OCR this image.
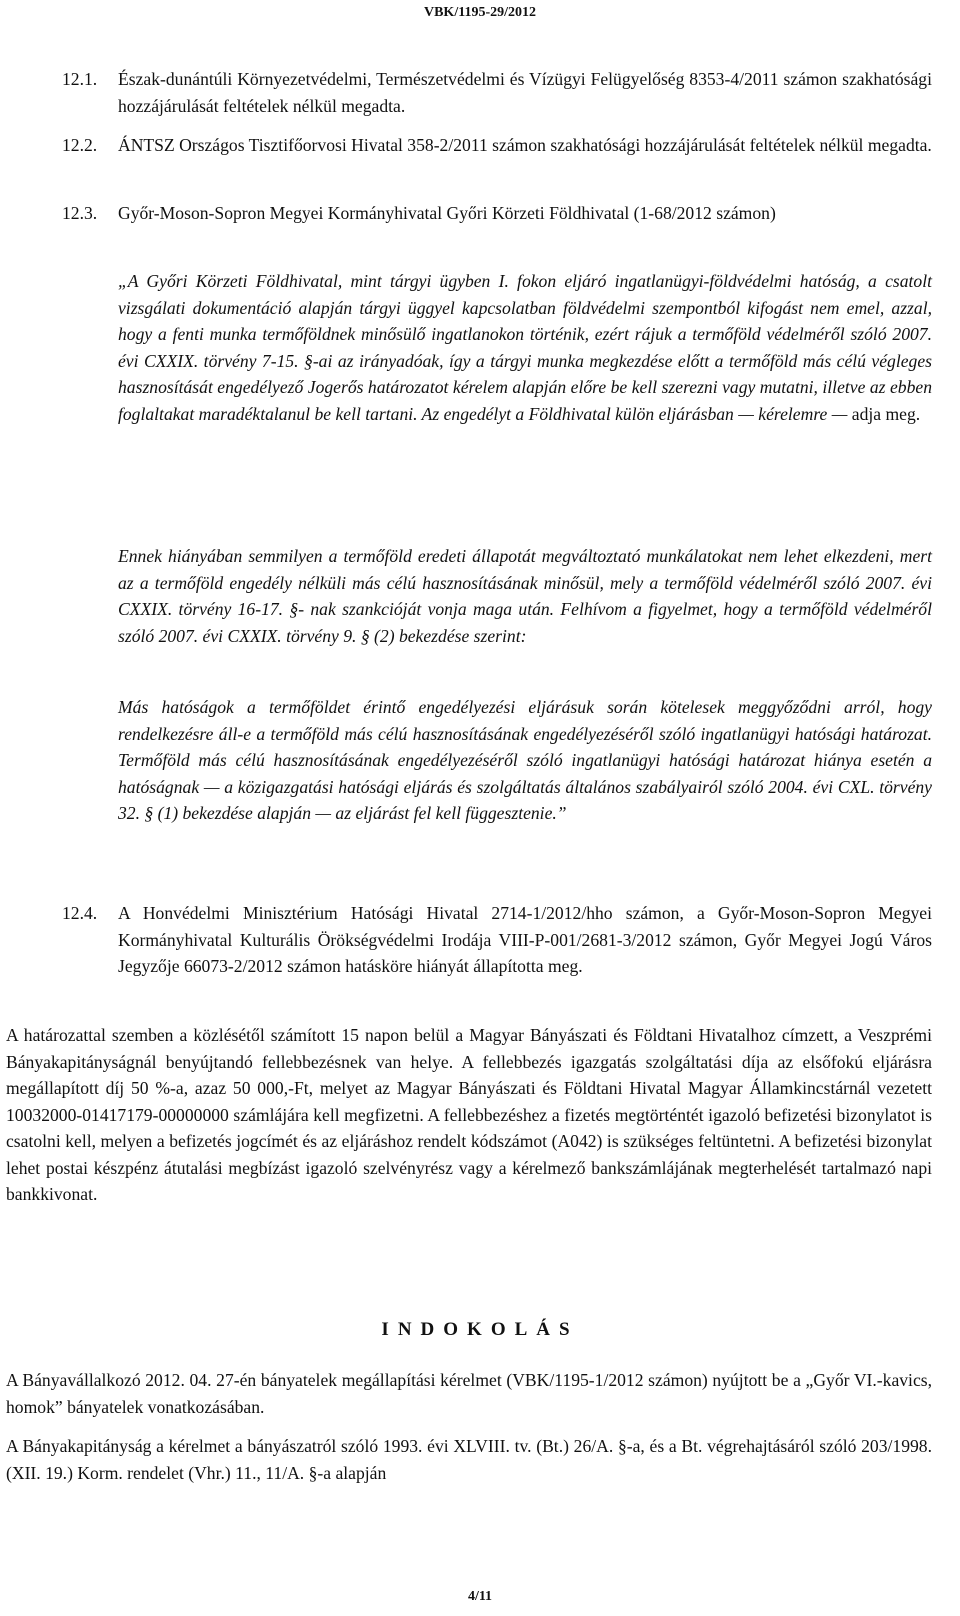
VBK/1195-29/2012
12.1. Észak-dunántúli Környezetvédelmi, Természetvédelmi és Vízügyi Felügyelőség 8353-4/2011 számon szakhatósági hozzájárulását feltételek nélkül megadta.
12.2. ÁNTSZ Országos Tisztifőorvosi Hivatal 358-2/2011 számon szakhatósági hozzájárulását feltételek nélkül megadta.
12.3. Győr-Moson-Sopron Megyei Kormányhivatal Győri Körzeti Földhivatal (1-68/2012 számon)
„A Győri Körzeti Földhivatal, mint tárgyi ügyben I. fokon eljáró ingatlanügyi-földvédelmi hatóság, a csatolt vizsgálati dokumentáció alapján tárgyi üggyel kapcsolatban földvédelmi szempontból kifogást nem emel, azzal, hogy a fenti munka termőföldnek minősülő ingatlanokon történik, ezért rájuk a termőföld védelméről szóló 2007. évi CXXIX. törvény 7-15. §-ai az irányadóak, így a tárgyi munka megkezdése előtt a termőföld más célú végleges hasznosítását engedélyező Jogerős határozatot kérelem alapján előre be kell szerezni vagy mutatni, illetve az ebben foglaltakat maradéktalanul be kell tartani. Az engedélyt a Földhivatal külön eljárásban — kérelemre — adja meg.
Ennek hiányában semmilyen a termőföld eredeti állapotát megváltoztató munkálatokat nem lehet elkezdeni, mert az a termőföld engedély nélküli más célú hasznosításának minősül, mely a termőföld védelméről szóló 2007. évi CXXIX. törvény 16-17. §- nak szankcióját vonja maga után. Felhívom a figyelmet, hogy a termőföld védelméről szóló 2007. évi CXXIX. törvény 9. § (2) bekezdése szerint:
Más hatóságok a termőföldet érintő engedélyezési eljárásuk során kötelesek meggyőződni arról, hogy rendelkezésre áll-e a termőföld más célú hasznosításának engedélyezéséről szóló ingatlanügyi hatósági határozat. Termőföld más célú hasznosításának engedélyezéséről szóló ingatlanügyi hatósági határozat hiánya esetén a hatóságnak — a közigazgatási hatósági eljárás és szolgáltatás általános szabályairól szóló 2004. évi CXL. törvény 32. § (1) bekezdése alapján — az eljárást fel kell függesztenie.”
12.4. A Honvédelmi Minisztérium Hatósági Hivatal 2714-1/2012/hho számon, a Győr-Moson-Sopron Megyei Kormányhivatal Kulturális Örökségvédelmi Irodája VIII-P-001/2681-3/2012 számon, Győr Megyei Jogú Város Jegyzője 66073-2/2012 számon hatásköre hiányát állapította meg.
A határozattal szemben a közlésétől számított 15 napon belül a Magyar Bányászati és Földtani Hivatalhoz címzett, a Veszprémi Bányakapitányságnál benyújtandó fellebbezésnek van helye. A fellebbezés igazgatás szolgáltatási díja az elsőfokú eljárásra megállapított díj 50 %-a, azaz 50 000,-Ft, melyet az Magyar Bányászati és Földtani Hivatal Magyar Államkincstárnál vezetett 10032000-01417179-00000000 számlájára kell megfizetni. A fellebbezéshez a fizetés megtörténtét igazoló befizetési bizonylatot is csatolni kell, melyen a befizetés jogcímét és az eljáráshoz rendelt kódszámot (A042) is szükséges feltüntetni. A befizetési bizonylat lehet postai készpénz átutalási megbízást igazoló szelvényrész vagy a kérelmező bankszámlájának megterhelését tartalmazó napi bankkivonat.
INDOKOLÁS
A Bányavállalkozó 2012. 04. 27-én bányatelek megállapítási kérelmet (VBK/1195-1/2012 számon) nyújtott be a „Győr VI.-kavics, homok” bányatelek vonatkozásában.
A Bányakapitányság a kérelmet a bányászatról szóló 1993. évi XLVIII. tv. (Bt.) 26/A. §-a, és a Bt. végrehajtásáról szóló 203/1998. (XII. 19.) Korm. rendelet (Vhr.) 11., 11/A. §-a alapján
4/11
